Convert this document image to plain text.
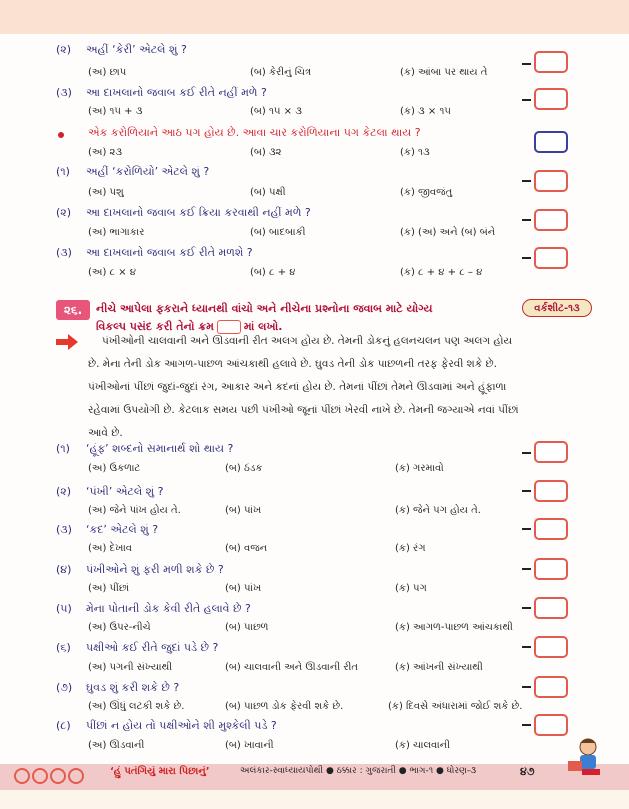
(૨) અહીં ‘કેરી’ એટલે શું ?
(અ) છાપ	(બ) કેરીનું ચિત્ર	(ક) આંબા પર થાય તે
(૩) આ દાખલાનો જવાબ કઈ રીતે નહીં મળે ?
(અ) ૧૫ + ૩	(બ) ૧૫ × ૩	(ક) ૩ × ૧૫
એક કરોળિયાને આઠ પગ હોય છે. આવા ચાર કરોળિયાના પગ કેટલા થાય ?
(અ) ૨૩	(બ) ૩૨	(ક) ૧૩
(૧) અહીં ‘કરોળિયો’ એટલે શું ?
(અ) પશુ	(બ) પક્ષી	(ક) જીવજંતુ
(૨) આ દાખલાનો જવાબ કઈ ક્રિયા કરવાથી નહીં મળે ?
(અ) ભાગાકાર	(બ) બાદબાકી	(ક) (અ) અને (બ) બંને
(૩) આ દાખલાનો જવાબ કઈ રીતે મળશે ?
(અ) ૮ × ૪	(બ) ૮ + ૪	(ક) ૮ + ૪ + ૮ – ૪
૨૬.	નીચે આપેલા ફકરાને ધ્યાનથી વાંચો અને નીચેના પ્રશ્નોના જવાબ માટે યોગ્ય
વિકલ્પ પસંદ કરી તેનો ક્રમ	માં લખો.
વર્કશીટ-૧૩
પંખીઓની ચાલવાની અને ઊડવાની રીત અલગ હોય છે. તેમની ડોકનું હલનચલન પણ અલગ હોય
છે. મેના તેની ડોક આગળ-પાછળ આંચકાથી હલાવે છે. ઘુવડ તેની ડોક પાછળની તરફ ફેરવી શકે છે.
પંખીઓનાં પીંછાં જુદાં-જુદાં રંગ, આકાર અને કદનાં હોય છે. તેમનાં પીંછાં તેમને ઊડવામાં અને હૂંફાળા
રહેવામાં ઉપયોગી છે. કેટલાક સમય પછી પંખીઓ જૂનાં પીંછાં ખેરવી નાખે છે. તેમની જગ્યાએ નવાં પીંછાં
આવે છે.
(૧) ‘હૂંફ’ શબ્દનો સમાનાર્થ શો થાય ?
(અ) ઉકળાટ	(બ) ઠંડક	(ક) ગરમાવો
(૨) ‘પંખી’ એટલે શું ?
(અ) જેને પાંખ હોય તે.	(બ) પાંખ	(ક) જેને પગ હોય તે.
(૩) ‘કદ’ એટલે શું ?
(અ) દેખાવ	(બ) વજન	(ક) રંગ
(૪) પંખીઓને શું ફરી મળી શકે છે ?
(અ) પીંછાં	(બ) પાંખ	(ક) પગ
(૫) મેના પોતાની ડોક કેવી રીતે હલાવે છે ?
(અ) ઉપર-નીચે	(બ) પાછળ	(ક) આગળ-પાછળ આંચકાથી
(૬) પક્ષીઓ કઈ રીતે જુદાં પડે છે ?
(અ) પગની સંખ્યાથી	(બ) ચાલવાની અને ઊડવાની રીત	(ક) આંખની સંખ્યાથી
(૭) ઘુવડ શું કરી શકે છે ?
(અ) ઊંધું લટકી શકે છે.	(બ) પાછળ ડોક ફેરવી શકે છે.	(ક) દિવસે અંધારામાં જોઈ શકે છે.
(૮) પીંછાં ન હોય તો પક્ષીઓને શી મુશ્કેલી પડે ?
(અ) ઊડવાની	(બ) ખાવાની	(ક) ચાલવાની
‘હું પતંગિયું મારા પિછાનું’	અલંકાર-સ્વાધ્યાયપોથી ● ઠક્કાર : ગુજરાતી ● ભાગ-૧ ● ધોરણ-૩	૪૭
